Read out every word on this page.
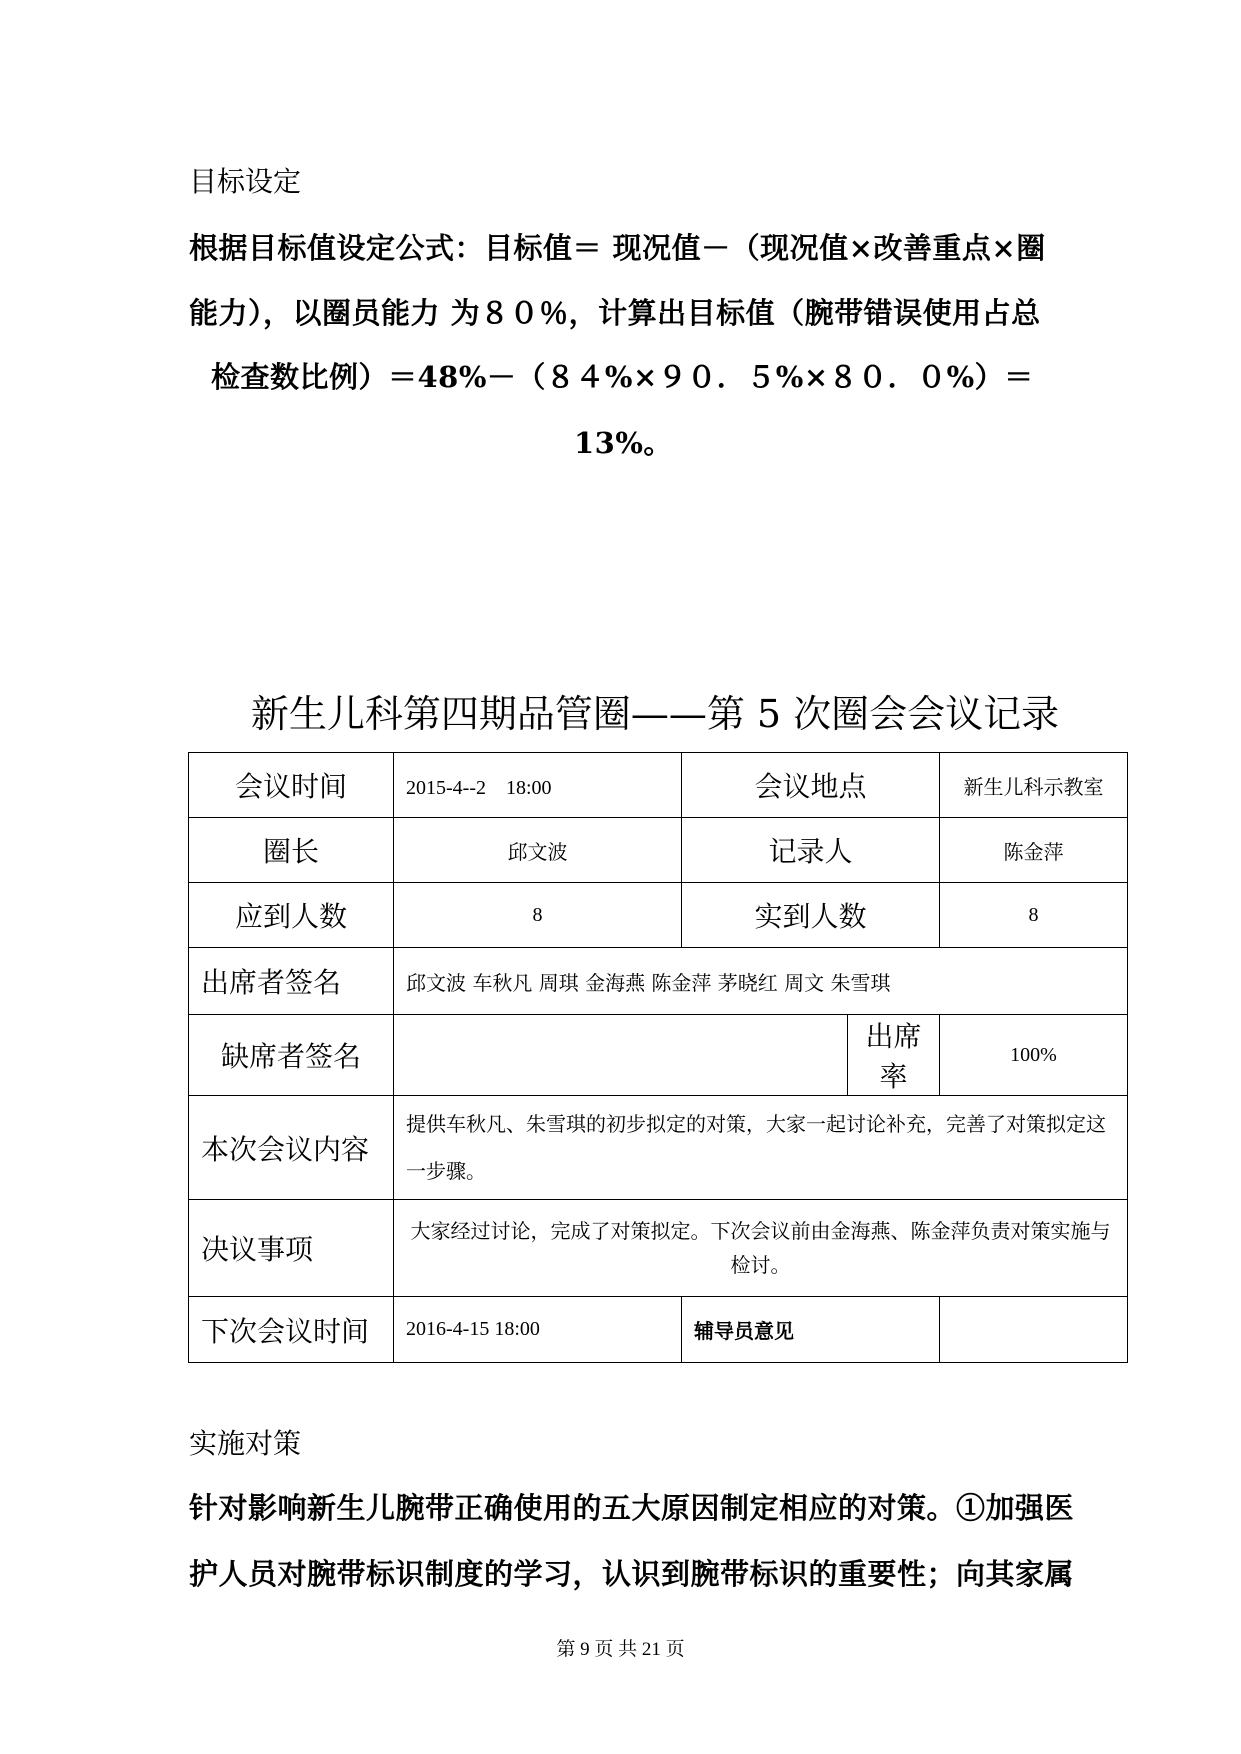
目标设定

根据目标值设定公式：目标值＝ 现况值－（现况值×改善重点×圈

能力），以圈员能力 为８０％，计算出目标值（腕带错误使用占总

检查数比例）＝48%－（８４%×９０．５%×８０．０%）＝

13%。

新生儿科第四期品管圈——第 5 次圈会会议记录

会议时间	2015-4--2　18:00	会议地点		新生儿科示教室
圈长	邱文波	记录人		陈金萍
应到人数	8	实到人数		8
出席者签名	邱文波 车秋凡 周琪 金海燕 陈金萍 茅晓红 周文 朱雪琪			
缺席者签名			出席率	100%
本次会议内容	提供车秋凡、朱雪琪的初步拟定的对策，大家一起讨论补充，完善了对策拟定这一步骤。			
决议事项	大家经过讨论，完成了对策拟定。下次会议前由金海燕、陈金萍负责对策实施与检讨。			
下次会议时间	2016-4-15 18:00	辅导员意见		

实施对策

针对影响新生儿腕带正确使用的五大原因制定相应的对策。①加强医

护人员对腕带标识制度的学习，认识到腕带标识的重要性；向其家属

第 9 页 共 21 页
